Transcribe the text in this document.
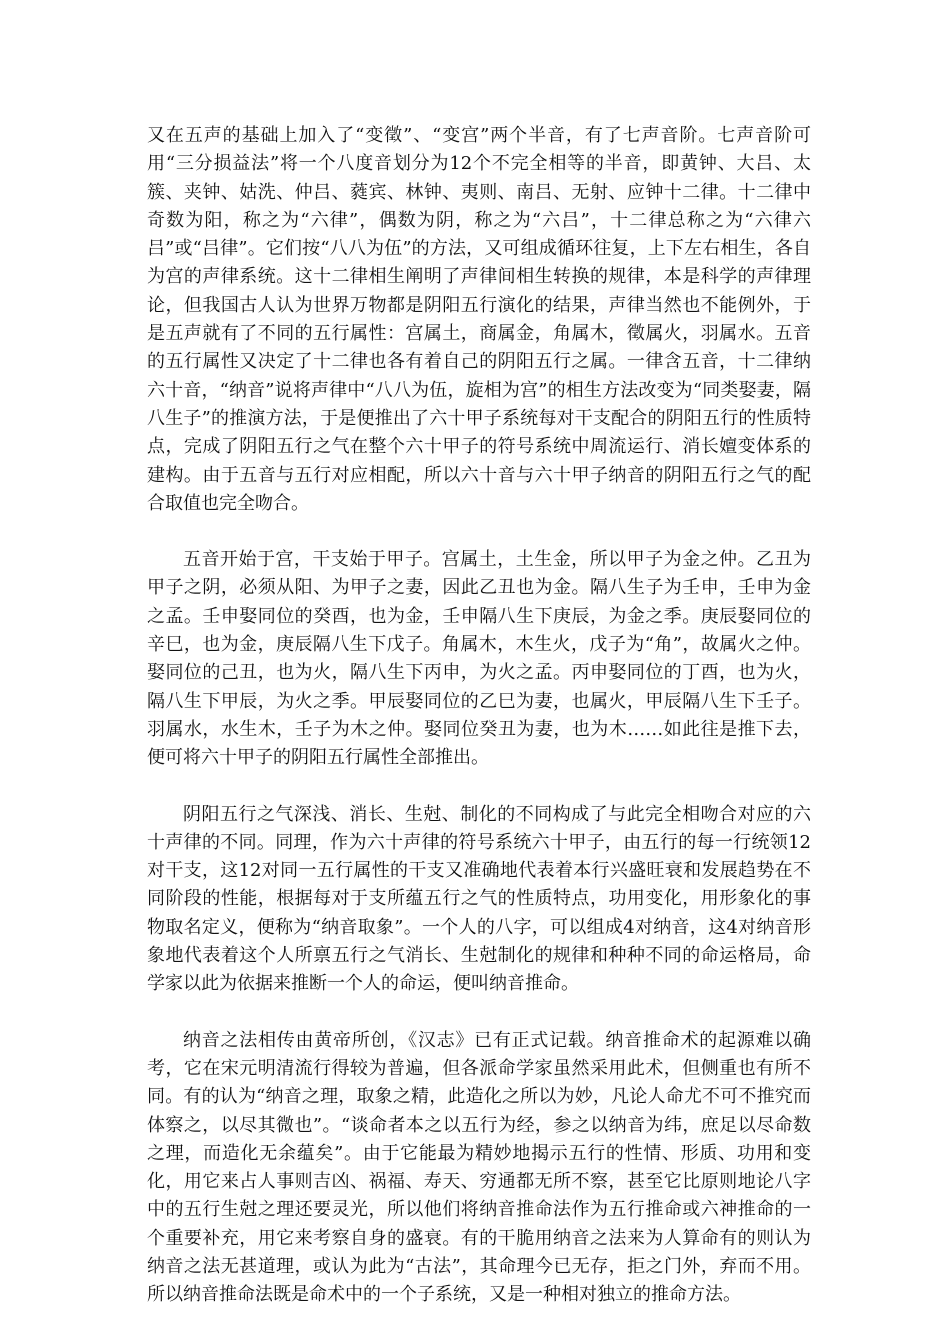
又在五声的基础上加入了“变徵”、“变宫”两个半音，有了七声音阶。七声音阶可用“三分损益法”将一个八度音划分为12个不完全相等的半音，即黄钟、大吕、太簇、夹钟、姑洗、仲吕、蕤宾、林钟、夷则、南吕、无射、应钟十二律。十二律中奇数为阳，称之为“六律”，偶数为阴，称之为“六吕”，十二律总称之为“六律六吕”或“吕律”。它们按“八八为伍”的方法，又可组成循环往复，上下左右相生，各自为宫的声律系统。这十二律相生阐明了声律间相生转换的规律，本是科学的声律理论，但我国古人认为世界万物都是阴阳五行演化的结果，声律当然也不能例外，于是五声就有了不同的五行属性：宫属土，商属金，角属木，徵属火，羽属水。五音的五行属性又决定了十二律也各有着自己的阴阳五行之属。一律含五音，十二律纳六十音，“纳音”说将声律中“八八为伍，旋相为宫”的相生方法改变为“同类娶妻，隔八生子”的推演方法，于是便推出了六十甲子系统每对干支配合的阴阳五行的性质特点，完成了阴阳五行之气在整个六十甲子的符号系统中周流运行、消长嬗变体系的建构。由于五音与五行对应相配，所以六十音与六十甲子纳音的阴阳五行之气的配合取值也完全吻合。

五音开始于宫，干支始于甲子。宫属土，土生金，所以甲子为金之仲。乙丑为甲子之阴，必须从阳、为甲子之妻，因此乙丑也为金。隔八生子为壬申，壬申为金之孟。壬申娶同位的癸酉，也为金，壬申隔八生下庚辰，为金之季。庚辰娶同位的辛巳，也为金，庚辰隔八生下戊子。角属木，木生火，戊子为“角”，故属火之仲。娶同位的己丑，也为火，隔八生下丙申，为火之孟。丙申娶同位的丁酉，也为火，隔八生下甲辰，为火之季。甲辰娶同位的乙巳为妻，也属火，甲辰隔八生下壬子。羽属水，水生木，壬子为木之仲。娶同位癸丑为妻，也为木……如此往是推下去，便可将六十甲子的阴阳五行属性全部推出。

阴阳五行之气深浅、消长、生尅、制化的不同构成了与此完全相吻合对应的六十声律的不同。同理，作为六十声律的符号系统六十甲子，由五行的每一行统领12对干支，这12对同一五行属性的干支又准确地代表着本行兴盛旺衰和发展趋势在不同阶段的性能，根据每对于支所蕴五行之气的性质特点，功用变化，用形象化的事物取名定义，便称为“纳音取象”。一个人的八字，可以组成4对纳音，这4对纳音形象地代表着这个人所禀五行之气消长、生尅制化的规律和种种不同的命运格局，命学家以此为依据来推断一个人的命运，便叫纳音推命。

纳音之法相传由黄帝所创，《汉志》已有正式记载。纳音推命术的起源难以确考，它在宋元明清流行得较为普遍，但各派命学家虽然采用此术，但侧重也有所不同。有的认为“纳音之理，取象之精，此造化之所以为妙，凡论人命尤不可不推究而体察之，以尽其微也”。“谈命者本之以五行为经，参之以纳音为纬，庶足以尽命数之理，而造化无余蕴矣”。由于它能最为精妙地揭示五行的性情、形质、功用和变化，用它来占人事则吉凶、祸福、寿天、穷通都无所不察，甚至它比原则地论八字中的五行生尅之理还要灵光，所以他们将纳音推命法作为五行推命或六神推命的一个重要补充，用它来考察自身的盛衰。有的干脆用纳音之法来为人算命有的则认为纳音之法无甚道理，或认为此为“古法”，其命理今已无存，拒之门外，弃而不用。所以纳音推命法既是命术中的一个子系统，又是一种相对独立的推命方法。
